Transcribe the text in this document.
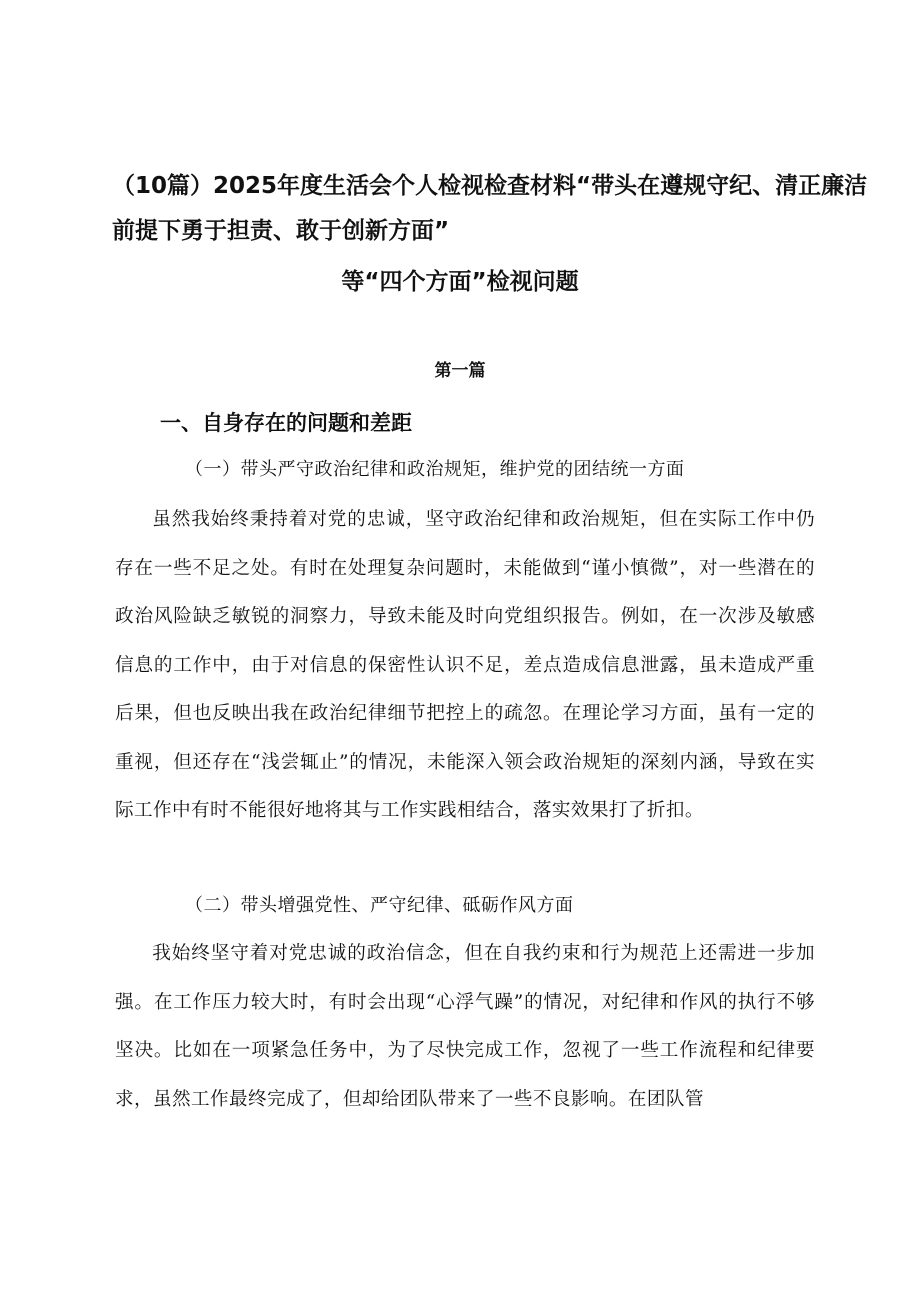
（10篇）2025年度生活会个人检视检查材料“带头在遵规守纪、清正廉洁
前提下勇于担责、敢于创新方面”
等“四个方面”检视问题
第一篇
一、自身存在的问题和差距
（一）带头严守政治纪律和政治规矩，维护党的团结统一方面

虽然我始终秉持着对党的忠诚，坚守政治纪律和政治规矩，但在实际工作中仍存在一些不足之处。有时在处理复杂问题时，未能做到“谨小慎微”，对一些潜在的政治风险缺乏敏锐的洞察力，导致未能及时向党组织报告。例如，在一次涉及敏感信息的工作中，由于对信息的保密性认识不足，差点造成信息泄露，虽未造成严重后果，但也反映出我在政治纪律细节把控上的疏忽。在理论学习方面，虽有一定的重视，但还存在“浅尝辄止”的情况，未能深入领会政治规矩的深刻内涵，导致在实际工作中有时不能很好地将其与工作实践相结合，落实效果打了折扣。

（二）带头增强党性、严守纪律、砥砺作风方面

我始终坚守着对党忠诚的政治信念，但在自我约束和行为规范上还需进一步加强。在工作压力较大时，有时会出现“心浮气躁”的情况，对纪律和作风的执行不够坚决。比如在一项紧急任务中，为了尽快完成工作，忽视了一些工作流程和纪律要求，虽然工作最终完成了，但却给团队带来了一些不良影响。在团队管
